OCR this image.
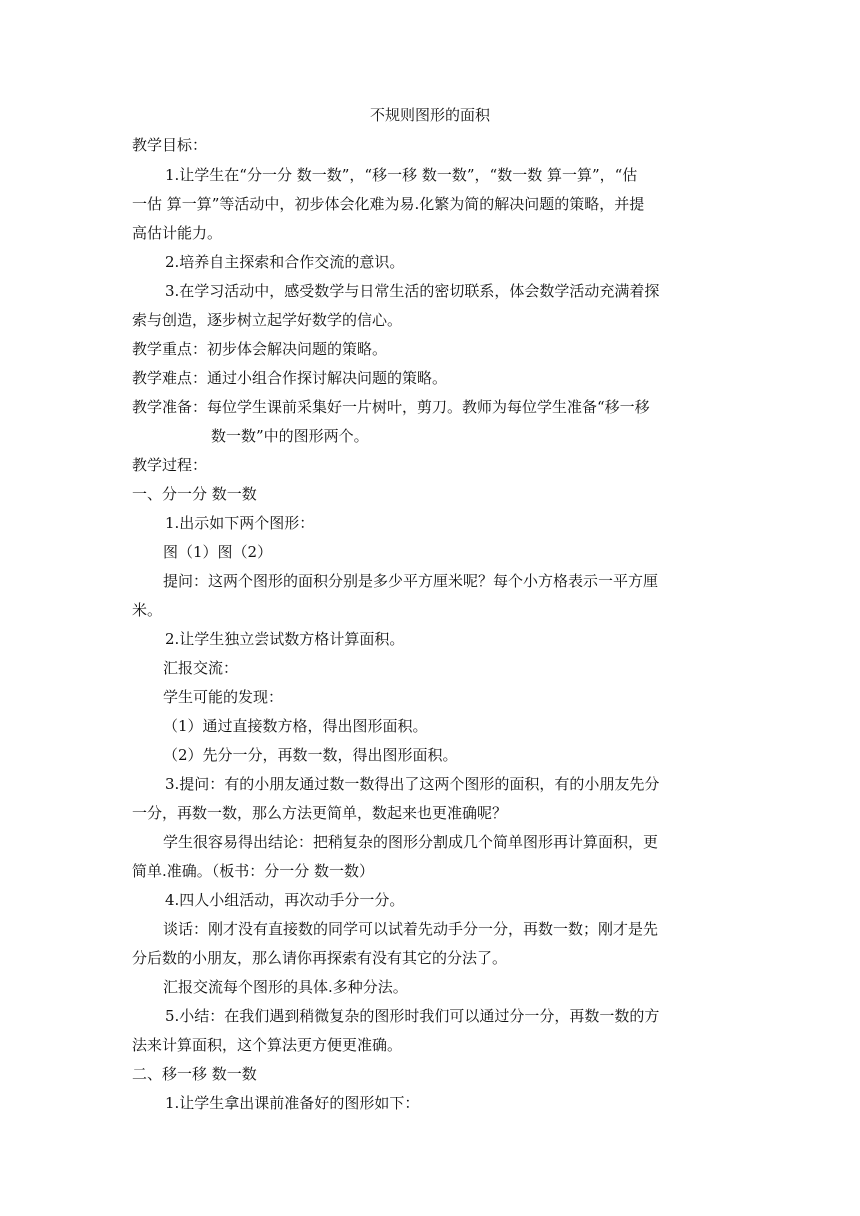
不规则图形的面积
教学目标：
1.让学生在“分一分 数一数”，“移一移 数一数”，“数一数 算一算”，“估
一估 算一算”等活动中，初步体会化难为易.化繁为简的解决问题的策略，并提
高估计能力。
2.培养自主探索和合作交流的意识。
3.在学习活动中，感受数学与日常生活的密切联系，体会数学活动充满着探
索与创造，逐步树立起学好数学的信心。
教学重点：初步体会解决问题的策略。
教学难点：通过小组合作探讨解决问题的策略。
教学准备：每位学生课前采集好一片树叶，剪刀。教师为每位学生准备“移一移
数一数”中的图形两个。
教学过程：
一、分一分 数一数
1.出示如下两个图形：
图（1）图（2）
提问：这两个图形的面积分别是多少平方厘米呢？每个小方格表示一平方厘
米。
2.让学生独立尝试数方格计算面积。
汇报交流：
学生可能的发现：
（1）通过直接数方格，得出图形面积。
（2）先分一分，再数一数，得出图形面积。
3.提问：有的小朋友通过数一数得出了这两个图形的面积，有的小朋友先分
一分，再数一数，那么方法更简单，数起来也更准确呢？
学生很容易得出结论：把稍复杂的图形分割成几个简单图形再计算面积，更
简单.准确。（板书：分一分 数一数）
4.四人小组活动，再次动手分一分。
谈话：刚才没有直接数的同学可以试着先动手分一分，再数一数；刚才是先
分后数的小朋友，那么请你再探索有没有其它的分法了。
汇报交流每个图形的具体.多种分法。
5.小结：在我们遇到稍微复杂的图形时我们可以通过分一分，再数一数的方
法来计算面积，这个算法更方便更准确。
二、移一移 数一数
1.让学生拿出课前准备好的图形如下：
